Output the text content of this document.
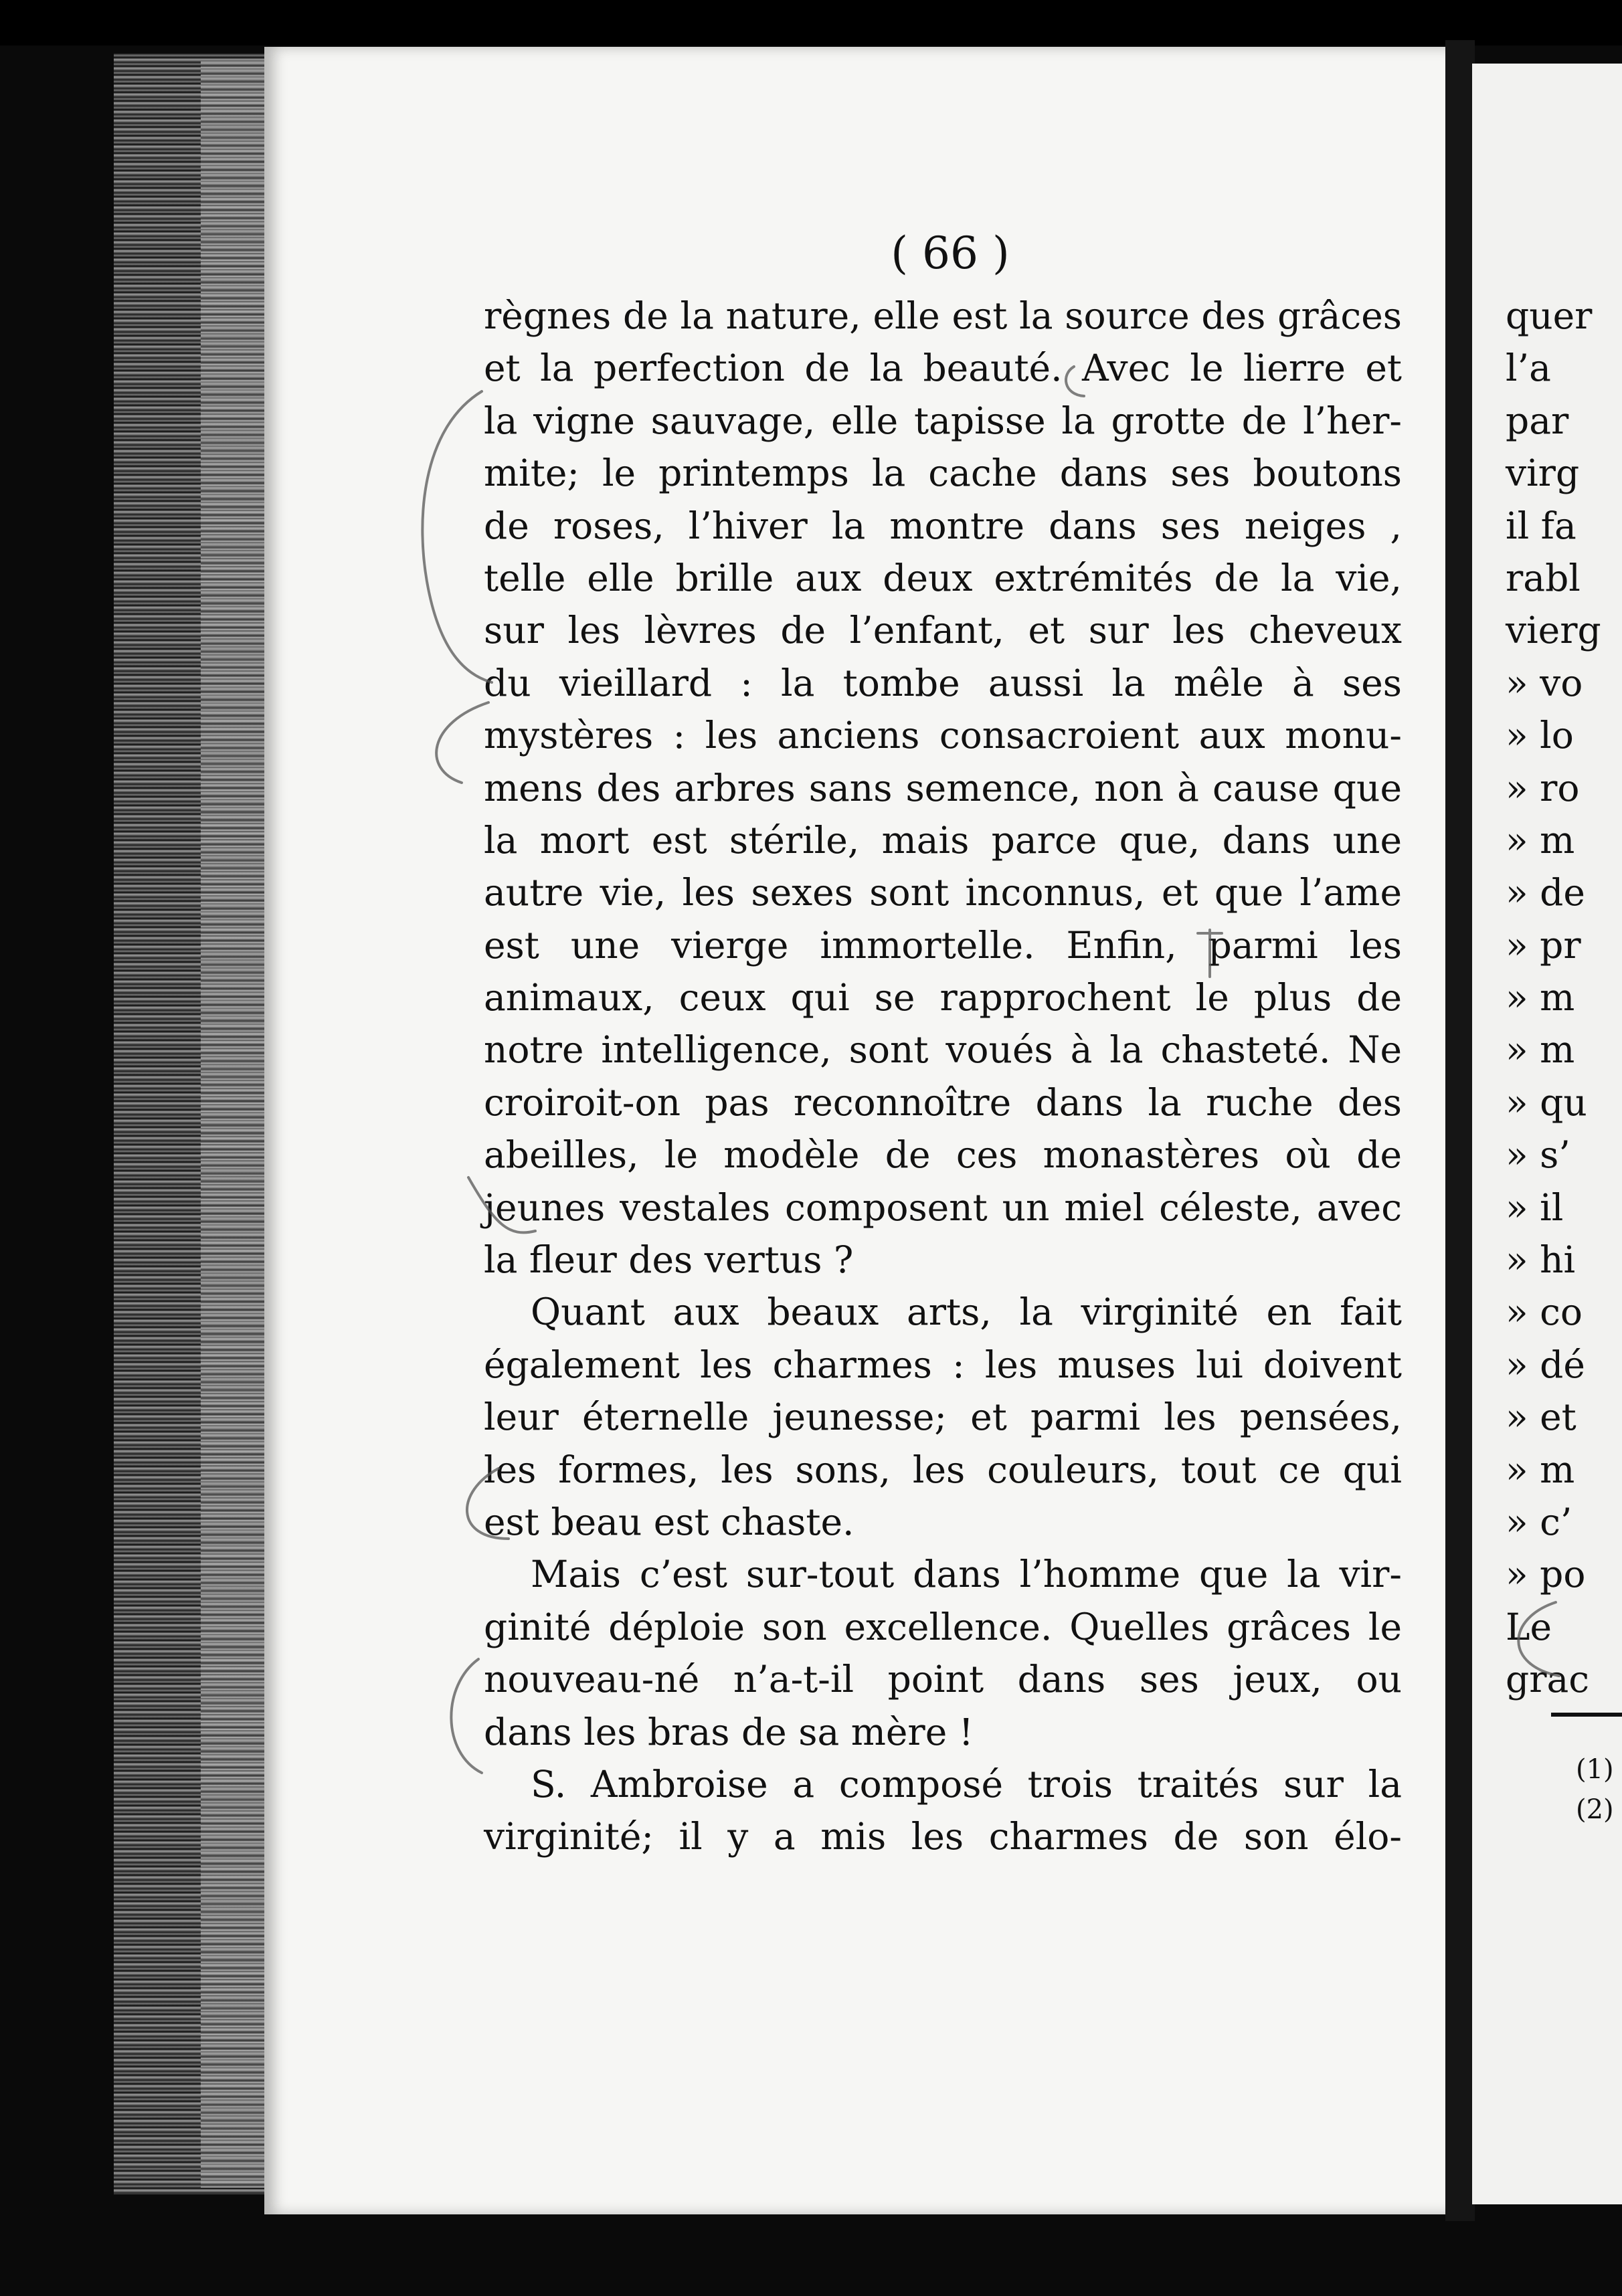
( 66 )
règnes de la nature, elle est la source des grâces
et la perfection de la beauté. Avec le lierre et
la vigne sauvage, elle tapisse la grotte de l’her-
mite; le printemps la cache dans ses boutons
de roses, l’hiver la montre dans ses neiges ,
telle elle brille aux deux extrémités de la vie,
sur les lèvres de l’enfant, et sur les cheveux
du vieillard : la tombe aussi la mêle à ses
mystères : les anciens consacroient aux monu-
mens des arbres sans semence, non à cause que
la mort est stérile, mais parce que, dans une
autre vie, les sexes sont inconnus, et que l’ame
est une vierge immortelle. Enfin, parmi les
animaux, ceux qui se rapprochent le plus de
notre intelligence, sont voués à la chasteté. Ne
croiroit-on pas reconnoître dans la ruche des
abeilles, le modèle de ces monastères où de
jeunes vestales composent un miel céleste, avec
la fleur des vertus ?
Quant aux beaux arts, la virginité en fait
également les charmes : les muses lui doivent
leur éternelle jeunesse; et parmi les pensées,
les formes, les sons, les couleurs, tout ce qui
est beau est chaste.
Mais c’est sur-tout dans l’homme que la vir-
ginité déploie son excellence. Quelles grâces le
nouveau-né n’a-t-il point dans ses jeux, ou
dans les bras de sa mère !
S. Ambroise a composé trois traités sur la
virginité; il y a mis les charmes de son élo-
quer
l’a
par
virg
il fa
rabl
vierg
» vo
» lo
» ro
» m
» de
» pr
» m
» m
» qu
» s’
» il
» hi
» co
» dé
» et
» m
» c’
» po
Le
grac
(1)
(2)
